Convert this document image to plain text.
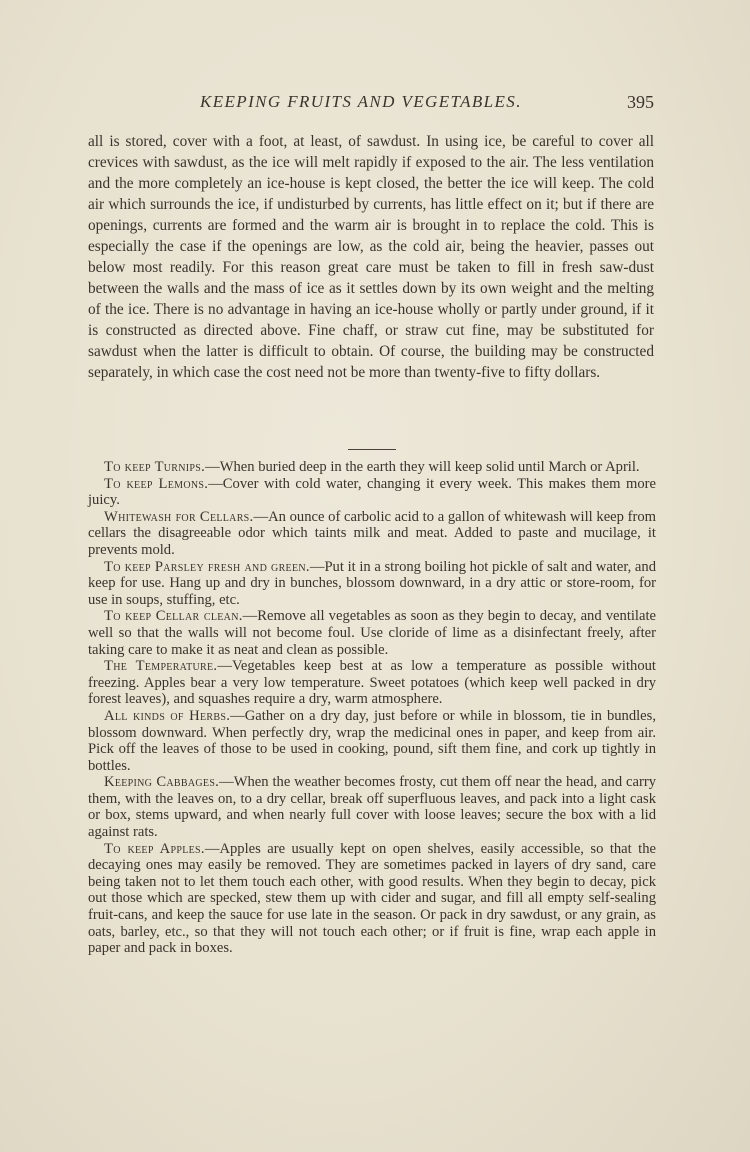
KEEPING FRUITS AND VEGETABLES.	395

all is stored, cover with a foot, at least, of sawdust. In using ice, be careful to cover all crevices with sawdust, as the ice will melt rapidly if exposed to the air. The less ventilation and the more completely an ice-house is kept closed, the better the ice will keep. The cold air which surrounds the ice, if undisturbed by currents, has little effect on it; but if there are openings, currents are formed and the warm air is brought in to replace the cold. This is especially the case if the openings are low, as the cold air, being the heavier, passes out below most readily. For this reason great care must be taken to fill in fresh saw-dust between the walls and the mass of ice as it settles down by its own weight and the melting of the ice. There is no advantage in having an ice-house wholly or partly under ground, if it is constructed as directed above. Fine chaff, or straw cut fine, may be substituted for sawdust when the latter is difficult to obtain. Of course, the building may be constructed separately, in which case the cost need not be more than twenty-five to fifty dollars.

To keep Turnips.—When buried deep in the earth they will keep solid until March or April.

To keep Lemons.—Cover with cold water, changing it every week. This makes them more juicy.

Whitewash for Cellars.—An ounce of carbolic acid to a gallon of whitewash will keep from cellars the disagreeable odor which taints milk and meat. Added to paste and mucilage, it prevents mold.

To keep Parsley fresh and green.—Put it in a strong boiling hot pickle of salt and water, and keep for use. Hang up and dry in bunches, blossom downward, in a dry attic or store-room, for use in soups, stuffing, etc.

To keep Cellar clean.—Remove all vegetables as soon as they begin to decay, and ventilate well so that the walls will not become foul. Use cloride of lime as a disinfectant freely, after taking care to make it as neat and clean as possible.

The Temperature.—Vegetables keep best at as low a temperature as possible without freezing. Apples bear a very low temperature. Sweet potatoes (which keep well packed in dry forest leaves), and squashes require a dry, warm atmosphere.

All kinds of Herbs.—Gather on a dry day, just before or while in blossom, tie in bundles, blossom downward. When perfectly dry, wrap the medicinal ones in paper, and keep from air. Pick off the leaves of those to be used in cooking, pound, sift them fine, and cork up tightly in bottles.

Keeping Cabbages.—When the weather becomes frosty, cut them off near the head, and carry them, with the leaves on, to a dry cellar, break off superfluous leaves, and pack into a light cask or box, stems upward, and when nearly full cover with loose leaves; secure the box with a lid against rats.

To keep Apples.—Apples are usually kept on open shelves, easily accessible, so that the decaying ones may easily be removed. They are sometimes packed in layers of dry sand, care being taken not to let them touch each other, with good results. When they begin to decay, pick out those which are specked, stew them up with cider and sugar, and fill all empty self-sealing fruit-cans, and keep the sauce for use late in the season. Or pack in dry sawdust, or any grain, as oats, barley, etc., so that they will not touch each other; or if fruit is fine, wrap each apple in paper and pack in boxes.
